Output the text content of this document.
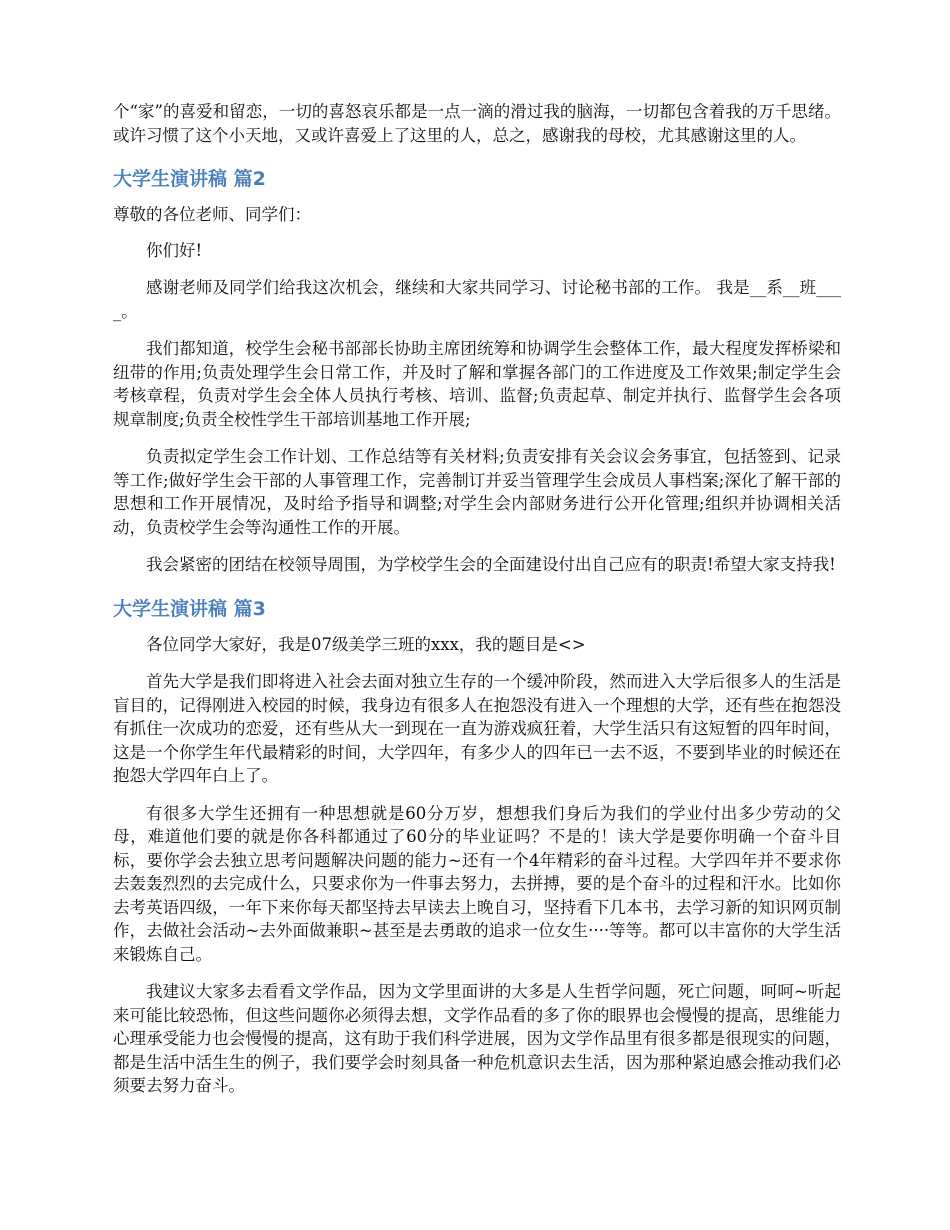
个“家”的喜爱和留恋，一切的喜怒哀乐都是一点一滴的滑过我的脑海，一切都包含着我的万千思绪。或许习惯了这个小天地，又或许喜爱上了这里的人，总之，感谢我的母校，尤其感谢这里的人。

大学生演讲稿 篇2

尊敬的各位老师、同学们：

你们好!

感谢老师及同学们给我这次机会，继续和大家共同学习、讨论秘书部的工作。 我是__系__班____。

我们都知道，校学生会秘书部部长协助主席团统筹和协调学生会整体工作，最大程度发挥桥梁和纽带的作用;负责处理学生会日常工作，并及时了解和掌握各部门的工作进度及工作效果;制定学生会考核章程，负责对学生会全体人员执行考核、培训、监督;负责起草、制定并执行、监督学生会各项规章制度;负责全校性学生干部培训基地工作开展;

负责拟定学生会工作计划、工作总结等有关材料;负责安排有关会议会务事宜，包括签到、记录等工作;做好学生会干部的人事管理工作，完善制订并妥当管理学生会成员人事档案;深化了解干部的思想和工作开展情况，及时给予指导和调整;对学生会内部财务进行公开化管理;组织并协调相关活动，负责校学生会等沟通性工作的开展。

我会紧密的团结在校领导周围，为学校学生会的全面建设付出自己应有的职责!希望大家支持我!

大学生演讲稿 篇3

各位同学大家好，我是07级美学三班的xxx，我的题目是<>

首先大学是我们即将进入社会去面对独立生存的一个缓冲阶段，然而进入大学后很多人的生活是盲目的，记得刚进入校园的时候，我身边有很多人在抱怨没有进入一个理想的大学，还有些在抱怨没有抓住一次成功的恋爱，还有些从大一到现在一直为游戏疯狂着，大学生活只有这短暂的四年时间，这是一个你学生年代最精彩的时间，大学四年，有多少人的四年已一去不返，不要到毕业的时候还在抱怨大学四年白上了。

有很多大学生还拥有一种思想就是60分万岁，想想我们身后为我们的学业付出多少劳动的父母，难道他们要的就是你各科都通过了60分的毕业证吗？不是的！读大学是要你明确一个奋斗目标，要你学会去独立思考问题解决问题的能力~还有一个4年精彩的奋斗过程。大学四年并不要求你去轰轰烈烈的去完成什么，只要求你为一件事去努力，去拼搏，要的是个奋斗的过程和汗水。比如你去考英语四级，一年下来你每天都坚持去早读去上晚自习，坚持看下几本书，去学习新的知识网页制作，去做社会活动~去外面做兼职~甚至是去勇敢的追求一位女生····等等。都可以丰富你的大学生活来锻炼自己。

我建议大家多去看看文学作品，因为文学里面讲的大多是人生哲学问题，死亡问题，呵呵~听起来可能比较恐怖，但这些问题你必须得去想，文学作品看的多了你的眼界也会慢慢的提高，思维能力心理承受能力也会慢慢的提高，这有助于我们科学进展，因为文学作品里有很多都是很现实的问题，都是生活中活生生的例子，我们要学会时刻具备一种危机意识去生活，因为那种紧迫感会推动我们必须要去努力奋斗。
